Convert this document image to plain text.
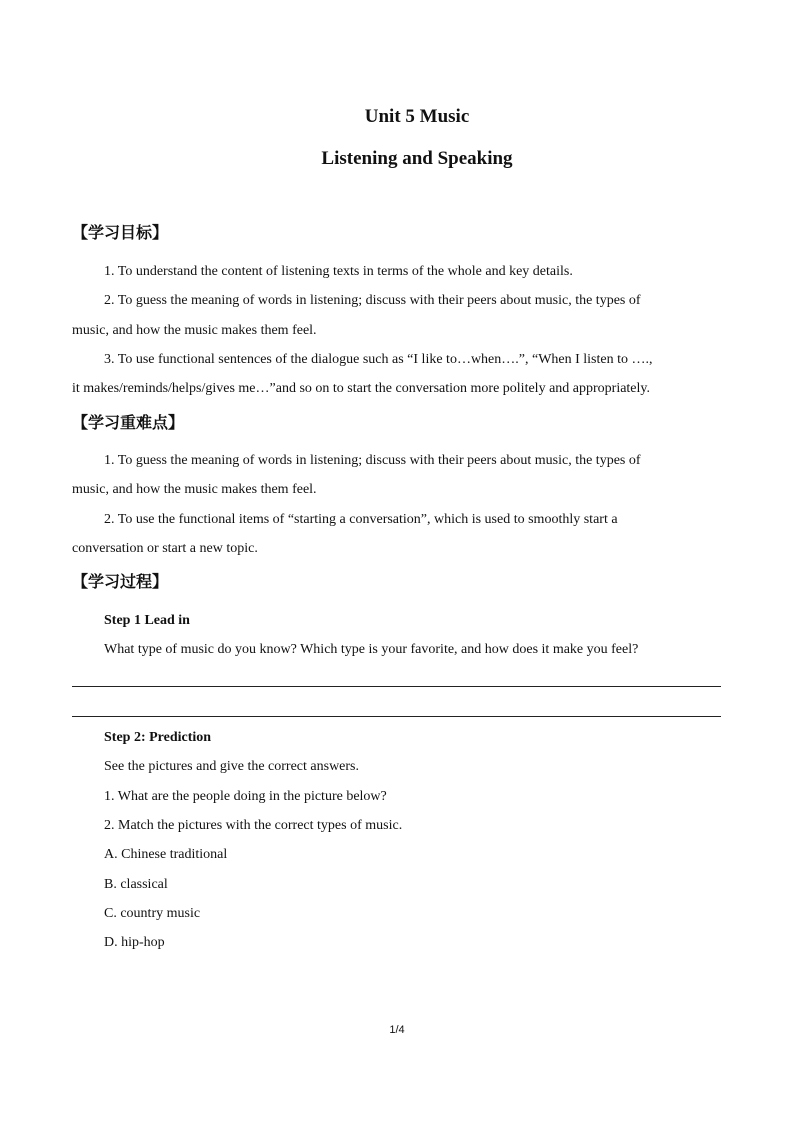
Unit 5 Music
Listening and Speaking
【学习目标】
1. To understand the content of listening texts in terms of the whole and key details.
2. To guess the meaning of words in listening; discuss with their peers about music, the types of
music, and how the music makes them feel.
3. To use functional sentences of the dialogue such as “I like to…when….”, “When I listen to ….,
it makes/reminds/helps/gives me…”and so on to start the conversation more politely and appropriately.
【学习重难点】
1. To guess the meaning of words in listening; discuss with their peers about music, the types of
music, and how the music makes them feel.
2. To use the functional items of “starting a conversation”, which is used to smoothly start a
conversation or start a new topic.
【学习过程】
Step 1 Lead in
What type of music do you know? Which type is your favorite, and how does it make you feel?
Step 2: Prediction
See the pictures and give the correct answers.
1. What are the people doing in the picture below?
2. Match the pictures with the correct types of music.
A. Chinese traditional
B. classical
C. country music
D. hip-hop
1/4
